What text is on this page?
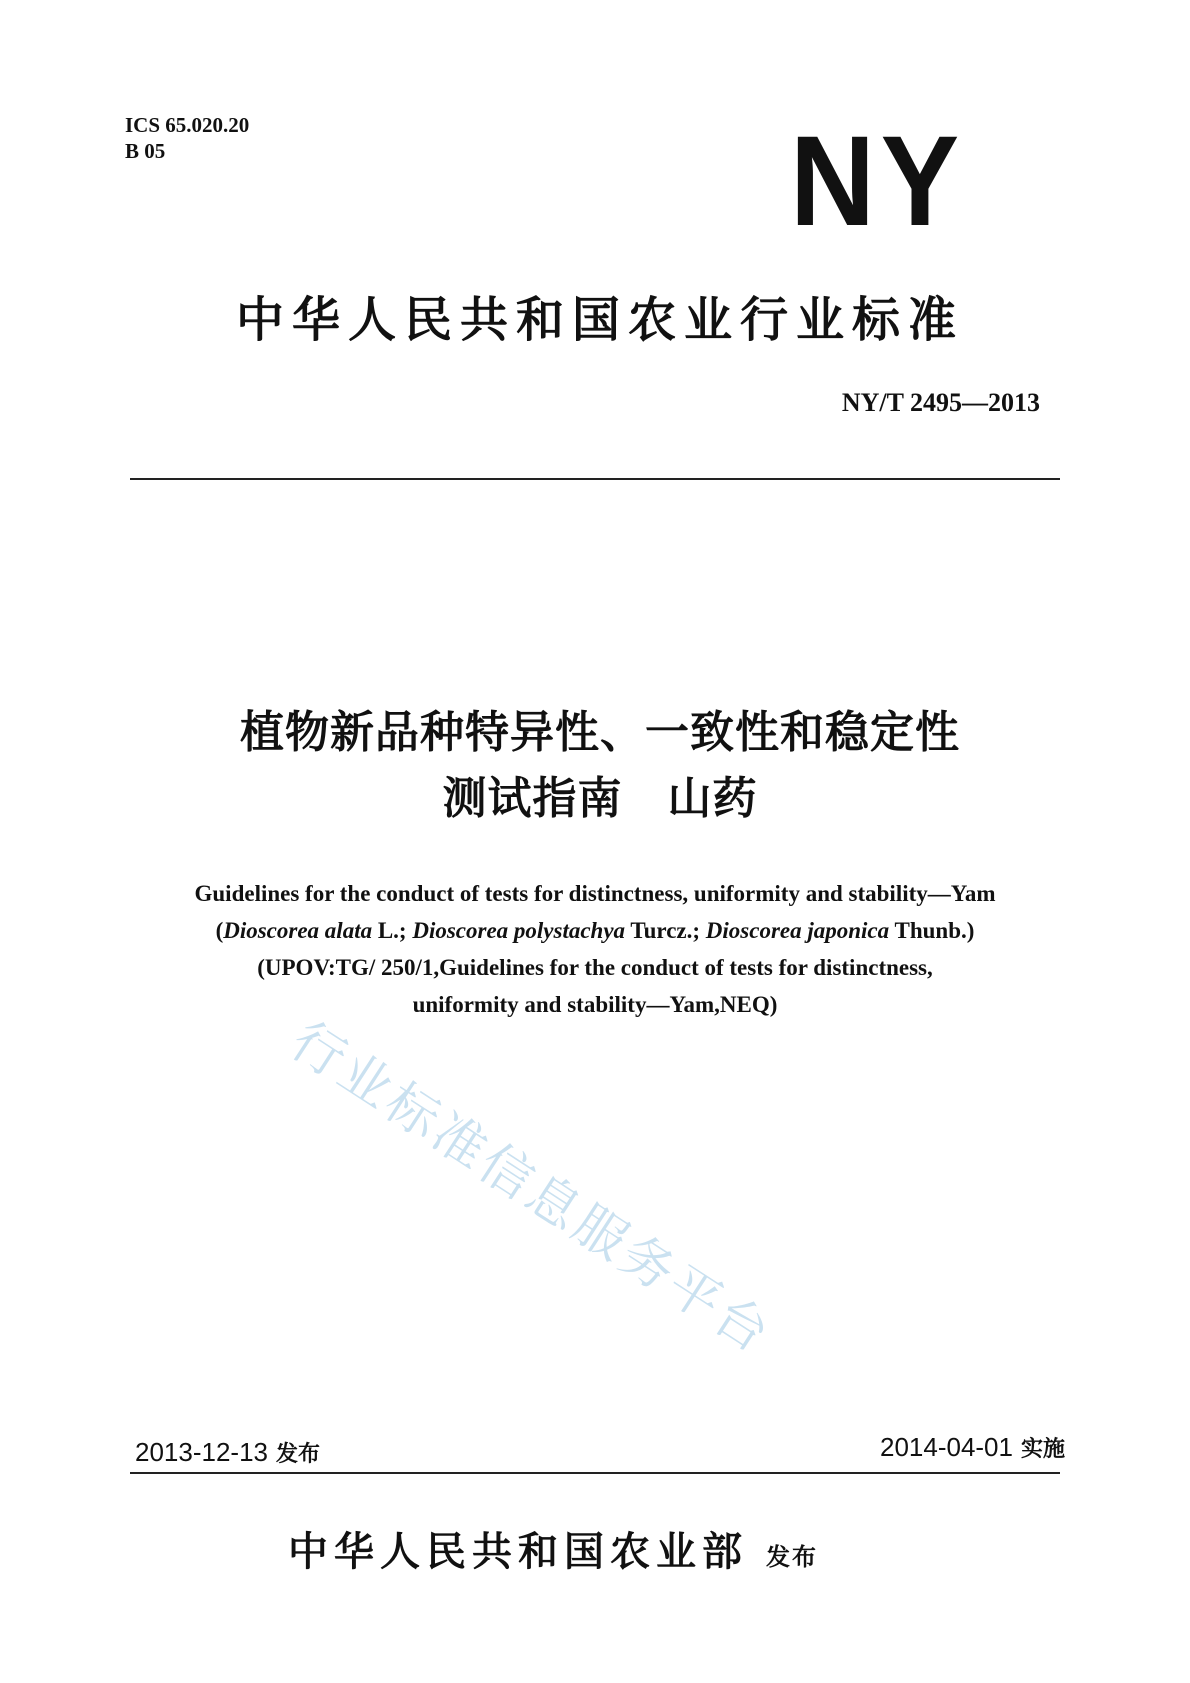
ICS 65.020.20
B 05	NY
中华人民共和国农业行业标准
NY/T 2495—2013
植物新品种特异性、一致性和稳定性
测试指南　山药
Guidelines for the conduct of tests for distinctness, uniformity and stability—Yam
(Dioscorea alata L.; Dioscorea polystachya Turcz.; Dioscorea japonica Thunb.)
(UPOV:TG/ 250/1,Guidelines for the conduct of tests for distinctness,
uniformity and stability—Yam,NEQ)
行业标准信息服务平台
2013-12-13 发布	2014-04-01 实施
中华人民共和国农业部 发布
